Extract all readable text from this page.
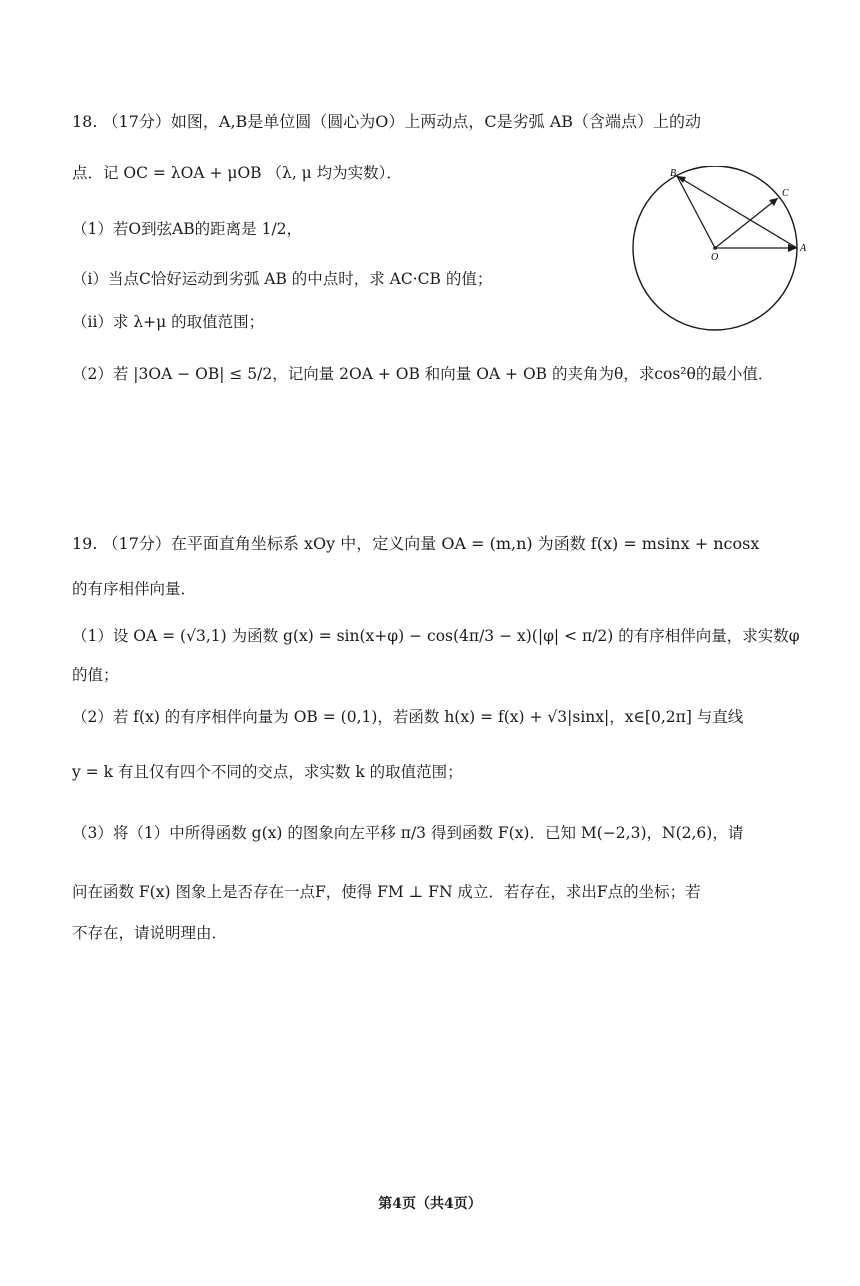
18. （17分）如图，A,B是单位圆（圆心为O）上两动点，C是劣弧 AB（含端点）上的动
点．记 OC = λOA + μOB （λ, μ 均为实数）．
（1）若O到弦AB的距离是 1/2，
（i）当点C恰好运动到劣弧 AB 的中点时，求 AC·CB 的值；
（ii）求 λ+μ 的取值范围；
（2）若 |3OA − OB| ≤ 5/2，记向量 2OA + OB 和向量 OA + OB 的夹角为θ，求cos²θ的最小值．
B
C
O
A
19. （17分）在平面直角坐标系 xOy 中，定义向量 OA = (m,n) 为函数 f(x) = msinx + ncosx
的有序相伴向量．
（1）设 OA = (√3,1) 为函数 g(x) = sin(x+φ) − cos(4π/3 − x)(|φ| < π/2) 的有序相伴向量，求实数φ
的值；
（2）若 f(x) 的有序相伴向量为 OB = (0,1)，若函数 h(x) = f(x) + √3|sinx|，x∈[0,2π] 与直线
y = k 有且仅有四个不同的交点，求实数 k 的取值范围；
（3）将（1）中所得函数 g(x) 的图象向左平移 π/3 得到函数 F(x)．已知 M(−2,3)，N(2,6)，请
问在函数 F(x) 图象上是否存在一点F，使得 FM ⊥ FN 成立．若存在，求出F点的坐标；若
不存在，请说明理由．
第4页（共4页）
